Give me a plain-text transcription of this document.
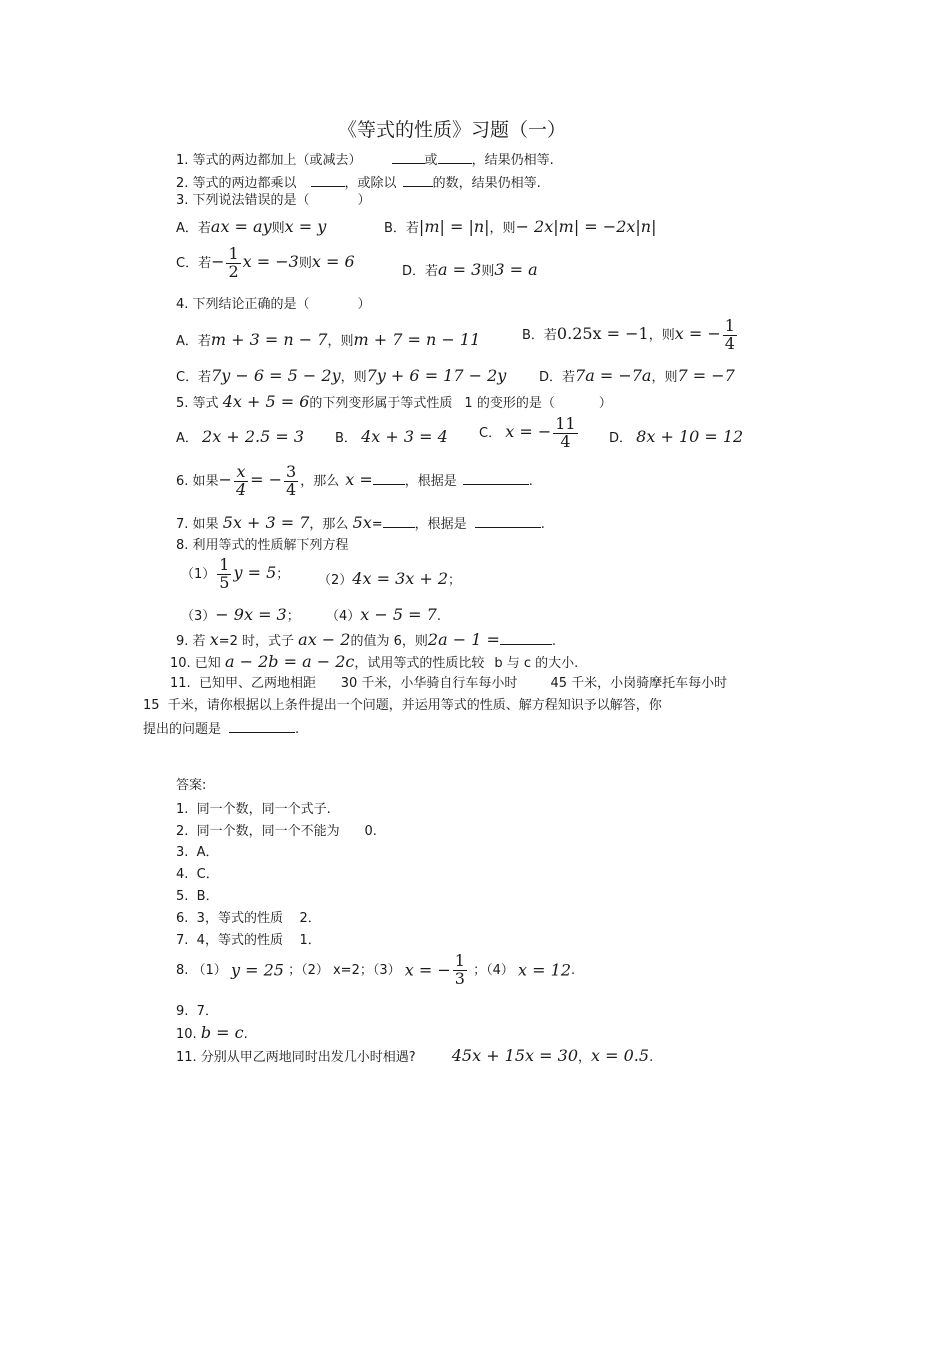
《等式的性质》习题（一）
1. 等式的两边都加上（或减去）	或	，结果仍相等.
2. 等式的两边都乘以	，或除以	的数，结果仍相等.
3. 下列说法错误的是（	）
A．若ax = ay则x = y	B．若|m| = |n|，则− 2x|m| = −2x|n|
C．若− $\frac{1}{2}$ x = −3则x = 6
D．若a = 3则3 = a
4. 下列结论正确的是（	）
A．若m + 3 = n − 7，则m + 7 = n − 11	B．若0.25x = −1，则x = − $\frac{1}{4}$
C．若7y − 6 = 5 − 2y，则7y + 6 = 17 − 2y	D．若7a = −7a，则7 = −7
5. 等式 4x + 5 = 6的下列变形属于等式性质 1 的变形的是（	）
A． 2x + 2.5 = 3 B． 4x + 3 = 4 C． x = − $\frac{11}{4}$ D． 8x + 10 = 12
6. 如果− $\frac{x}{4}$ = − $\frac{3}{4}$ ，那么 x = ，根据是	.
7. 如果 5x + 3 = 7，那么 5x= ，根据是	.
8. 利用等式的性质解下列方程
$(1) \frac{1}{5}$ y = 5； （2）4x = 3x + 2；
（3）− 9x = 3； （4）x − 5 = 7.
9. 若 x=2 时，式子 ax − 2的值为 6，则2a − 1 =	.
10. 已知 a − 2b = a − 2c，试用等式的性质比较 b 与 c 的大小.
11.  已知甲、乙两地相距      30 千米，小华骑自行车每小时        45 千米，小岗骑摩托车每小时
15  千米，请你根据以上条件提出一个问题，并运用等式的性质、解方程知识予以解答，你
提出的问题是	.
答案:
1.  同一个数，同一个式子.
2.  同一个数，同一个不能为      0.
3.  A．
4.  C．
5.  B．
6.  3，等式的性质    2．
7.  4，等式的性质    1．
8. （1） y = 25 ；（2） x=2；（3） x = − $\frac{1}{3}$ ；（4） x = 12.
9.  7．
10. b = c.
11. 分别从甲乙两地同时出发几小时相遇? 45x + 15x = 30，x = 0.5.
